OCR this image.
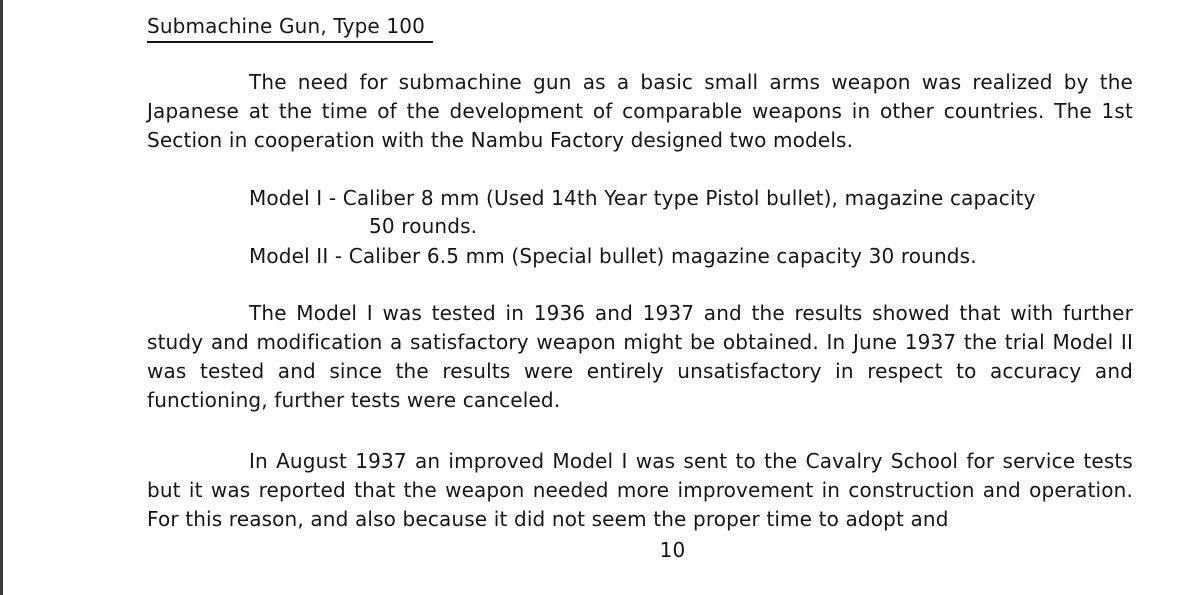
Submachine Gun, Type 100
The need for submachine gun as a basic small arms weapon was realized by the Japanese at the time of the development of comparable weapons in other countries. The 1st Section in cooperation with the Nambu Factory designed two models.
Model I - Caliber 8 mm (Used 14th Year type Pistol bullet), magazine capacity
50 rounds.
Model II - Caliber 6.5 mm (Special bullet) magazine capacity 30 rounds.
The Model I was tested in 1936 and 1937 and the results showed that with further study and modification a satisfactory weapon might be obtained. In June 1937 the trial Model II was tested and since the results were entirely unsatisfactory in respect to accuracy and functioning, further tests were canceled.
In August 1937 an improved Model I was sent to the Cavalry School for service tests but it was reported that the weapon needed more improvement in construction and operation. For this reason, and also because it did not seem the proper time to adopt and
10
